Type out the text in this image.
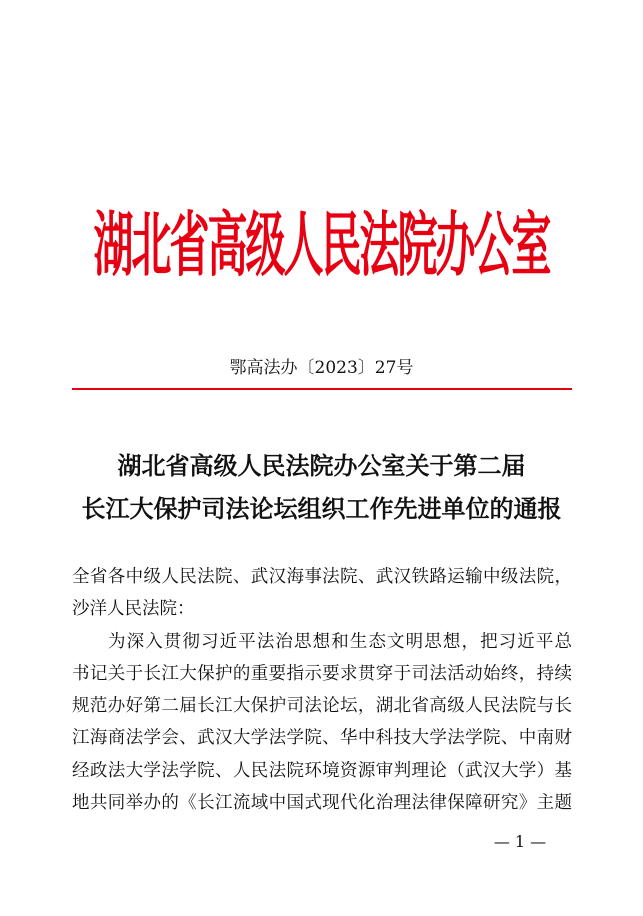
湖北省高级人民法院办公室
鄂高法办〔2023〕27号
湖北省高级人民法院办公室关于第二届
长江大保护司法论坛组织工作先进单位的通报
全省各中级人民法院、武汉海事法院、武汉铁路运输中级法院，
沙洋人民法院：
为深入贯彻习近平法治思想和生态文明思想，把习近平总
书记关于长江大保护的重要指示要求贯穿于司法活动始终，持续
规范办好第二届长江大保护司法论坛，湖北省高级人民法院与长
江海商法学会、武汉大学法学院、华中科技大学法学院、中南财
经政法大学法学院、人民法院环境资源审判理论（武汉大学）基
地共同举办的《长江流域中国式现代化治理法律保障研究》主题
— 1 —
